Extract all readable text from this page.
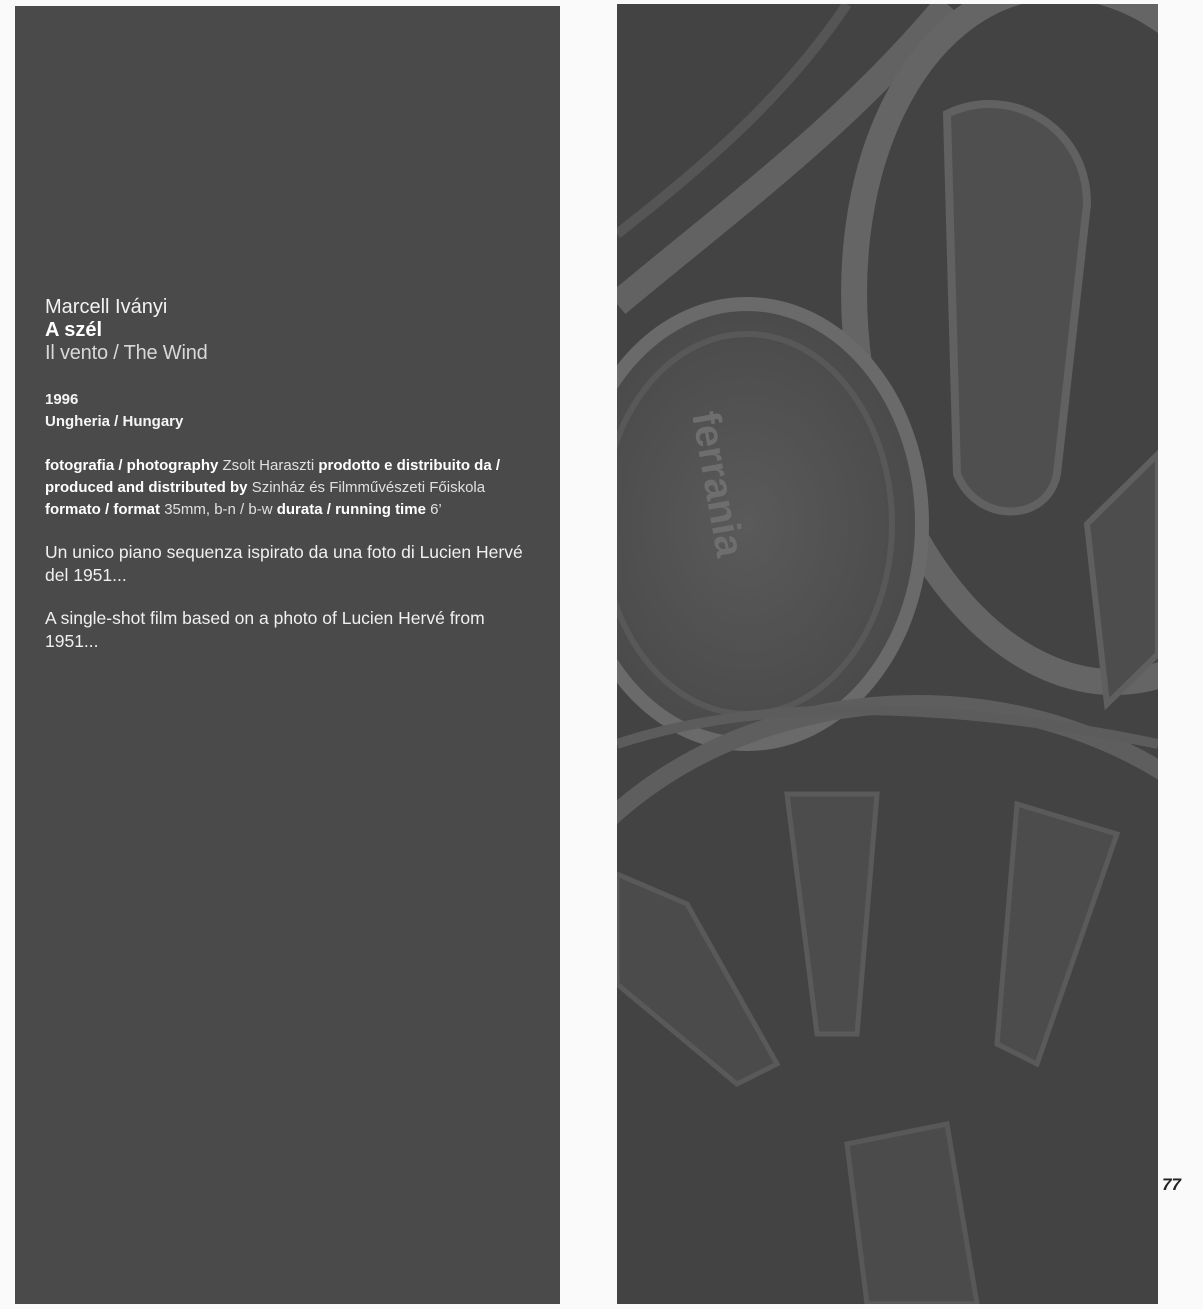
Marcell Iványi
A szél
Il vento / The Wind
1996
Ungheria / Hungary
fotografia / photography Zsolt Haraszti prodotto e distribuito da / produced and distributed by Szinház és Filmművészeti Főiskola formato / format 35mm, b-n / b-w durata / running time 6’
Un unico piano sequenza ispirato da una foto di Lucien Hervé del 1951...
A single-shot film based on a photo of Lucien Hervé from 1951...
ferrania
77
